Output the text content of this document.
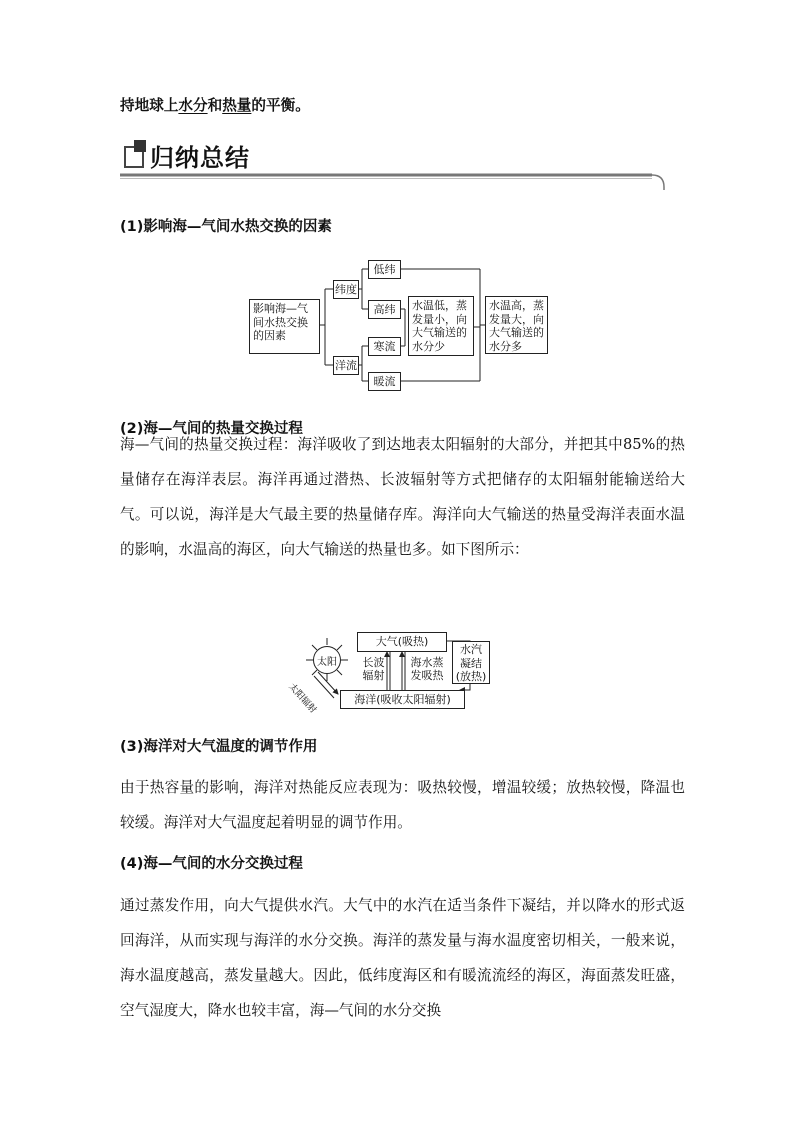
持地球上水分和热量的平衡。
归纳总结
(1)影响海—气间水热交换的因素
影响海—气间水热交换的因素
纬度
洋流
低纬
高纬
寒流
暖流
水温低，蒸发量小，向大气输送的水分少
水温高，蒸发量大，向大气输送的水分多
(2)海—气间的热量交换过程
海—气间的热量交换过程：海洋吸收了到达地表太阳辐射的大部分，并把其中85%的热量储存在海洋表层。海洋再通过潜热、长波辐射等方式把储存的太阳辐射能输送给大气。可以说，海洋是大气最主要的热量储存库。海洋向大气输送的热量受海洋表面水温的影响，水温高的海区，向大气输送的热量也多。如下图所示：
太阳
太阳辐射
大气(吸热)
海洋(吸收太阳辐射)
水汽凝结(放热)
长波辐射
海水蒸发吸热
(3)海洋对大气温度的调节作用
由于热容量的影响，海洋对热能反应表现为：吸热较慢，增温较缓；放热较慢，降温也较缓。海洋对大气温度起着明显的调节作用。
(4)海—气间的水分交换过程
通过蒸发作用，向大气提供水汽。大气中的水汽在适当条件下凝结，并以降水的形式返回海洋，从而实现与海洋的水分交换。海洋的蒸发量与海水温度密切相关，一般来说，海水温度越高，蒸发量越大。因此，低纬度海区和有暖流流经的海区，海面蒸发旺盛，空气湿度大，降水也较丰富，海—气间的水分交换
